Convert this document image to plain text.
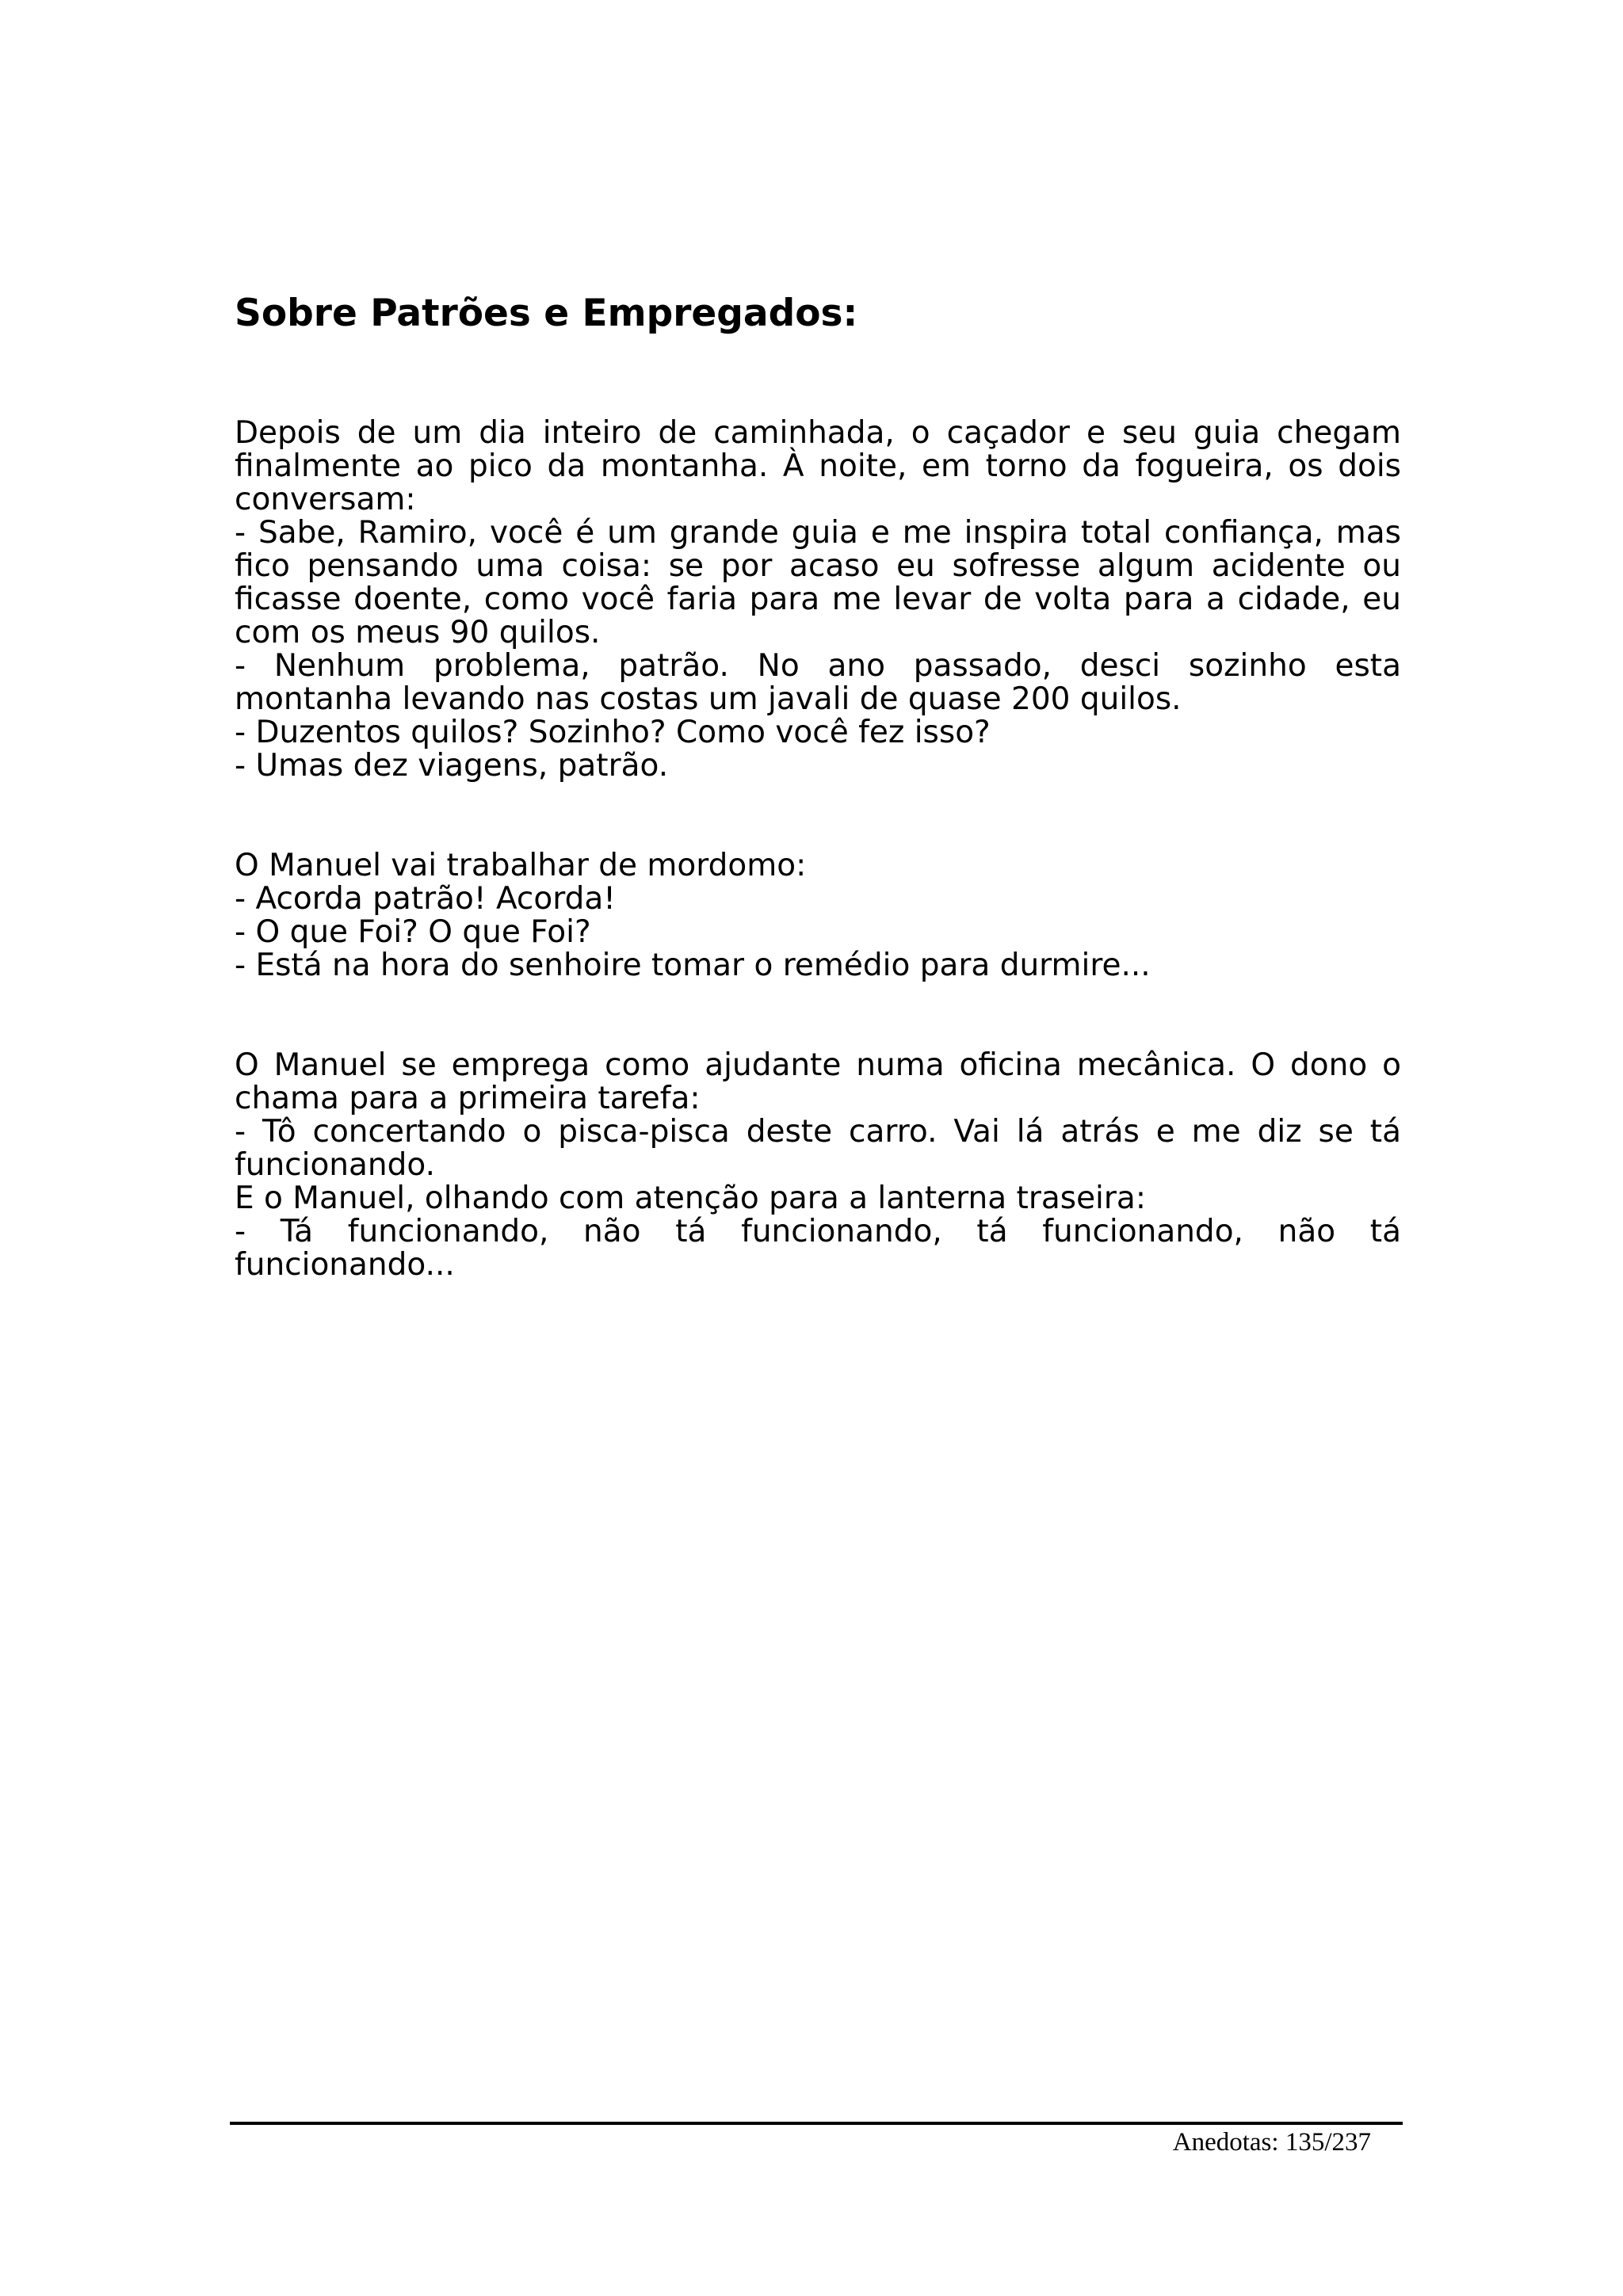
Sobre Patrões e Empregados:

Depois de um dia inteiro de caminhada, o caçador e seu guia chegam finalmente ao pico da montanha. À noite, em torno da fogueira, os dois conversam:

- Sabe, Ramiro, você é um grande guia e me inspira total confiança, mas fico pensando uma coisa: se por acaso eu sofresse algum acidente ou ficasse doente, como você faria para me levar de volta para a cidade, eu com os meus 90 quilos.

- Nenhum problema, patrão. No ano passado, desci sozinho esta montanha levando nas costas um javali de quase 200 quilos.

- Duzentos quilos? Sozinho? Como você fez isso?

- Umas dez viagens, patrão.

O Manuel vai trabalhar de mordomo:

- Acorda patrão! Acorda!

- O que Foi? O que Foi?

- Está na hora do senhoire tomar o remédio para durmire...

O Manuel se emprega como ajudante numa oficina mecânica. O dono o chama para a primeira tarefa:

- Tô concertando o pisca-pisca deste carro. Vai lá atrás e me diz se tá funcionando.

E o Manuel, olhando com atenção para a lanterna traseira:

- Tá funcionando, não tá funcionando, tá funcionando, não tá funcionando...

Anedotas: 135/237
